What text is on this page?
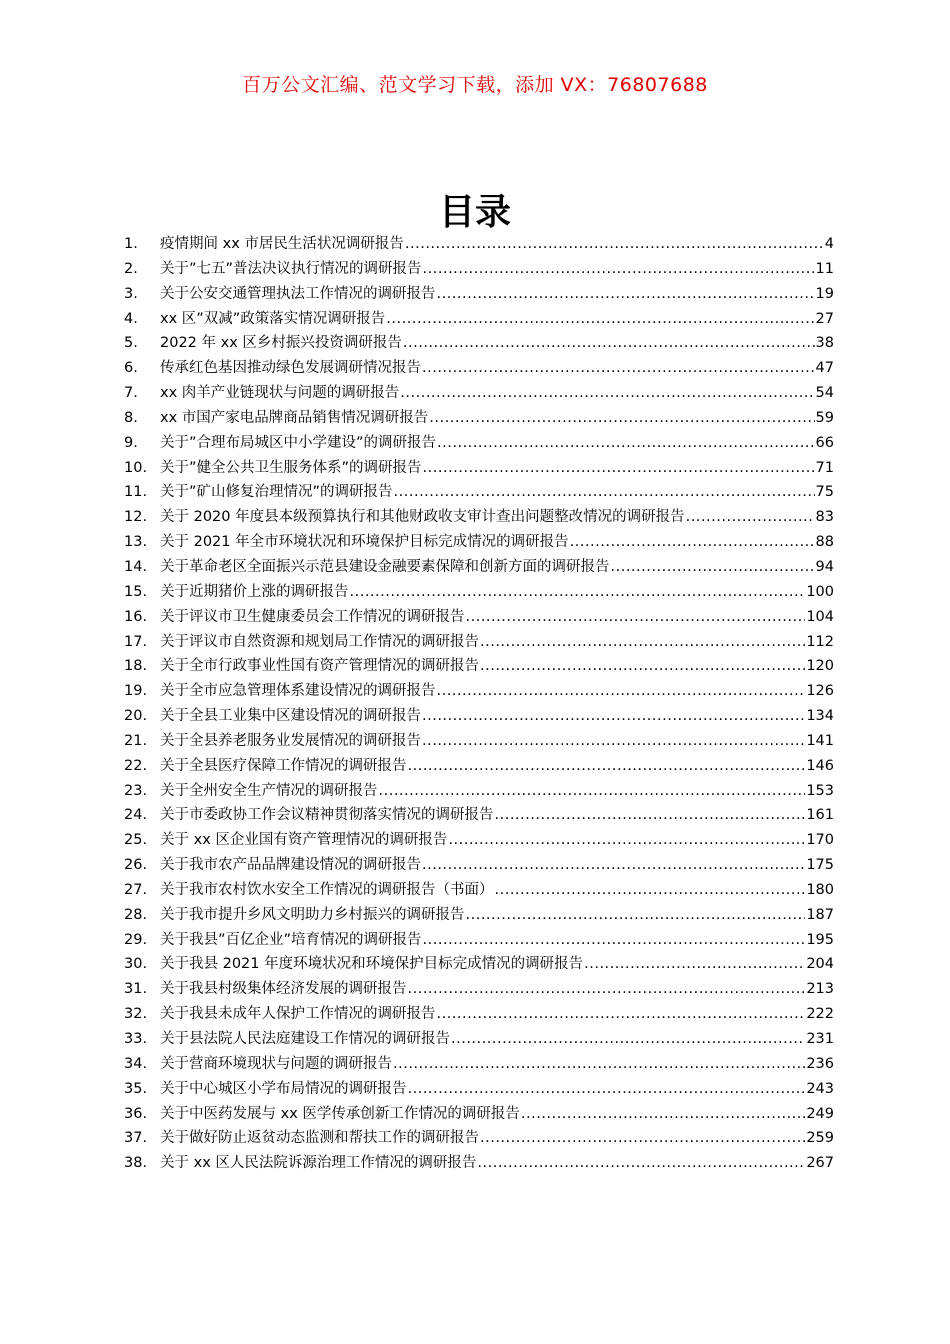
百万公文汇编、范文学习下载，添加 VX：76807688
目录
1.	疫情期间 xx 市居民生活状况调研报告 .....	4
2.	关于”七五”普法决议执行情况的调研报告 .....	11
3.	关于公安交通管理执法工作情况的调研报告 .....	19
4.	xx 区”双减”政策落实情况调研报告 .....	27
5.	2022 年 xx 区乡村振兴投资调研报告 .....	38
6.	传承红色基因推动绿色发展调研情况报告 .....	47
7.	xx 肉羊产业链现状与问题的调研报告 .....	54
8.	xx 市国产家电品牌商品销售情况调研报告 .....	59
9.	关于”合理布局城区中小学建设”的调研报告 .....	66
10. 关于”健全公共卫生服务体系”的调研报告 .....	71
11. 关于”矿山修复治理情况”的调研报告 .....	75
12. 关于 2020 年度县本级预算执行和其他财政收支审计查出问题整改情况的调研报告 .....	83
13. 关于 2021 年全市环境状况和环境保护目标完成情况的调研报告 .....	88
14. 关于革命老区全面振兴示范县建设金融要素保障和创新方面的调研报告 .....	94
15. 关于近期猪价上涨的调研报告 .....	100
16. 关于评议市卫生健康委员会工作情况的调研报告 .....	104
17. 关于评议市自然资源和规划局工作情况的调研报告 .....	112
18. 关于全市行政事业性国有资产管理情况的调研报告 .....	120
19. 关于全市应急管理体系建设情况的调研报告 .....	126
20. 关于全县工业集中区建设情况的调研报告 .....	134
21. 关于全县养老服务业发展情况的调研报告 .....	141
22. 关于全县医疗保障工作情况的调研报告 .....	146
23. 关于全州安全生产情况的调研报告 .....	153
24. 关于市委政协工作会议精神贯彻落实情况的调研报告 .....	161
25. 关于 xx 区企业国有资产管理情况的调研报告 .....	170
26. 关于我市农产品品牌建设情况的调研报告 .....	175
27. 关于我市农村饮水安全工作情况的调研报告（书面） .....	180
28. 关于我市提升乡风文明助力乡村振兴的调研报告 .....	187
29. 关于我县”百亿企业”培育情况的调研报告 .....	195
30. 关于我县 2021 年度环境状况和环境保护目标完成情况的调研报告 .....	204
31. 关于我县村级集体经济发展的调研报告 .....	213
32. 关于我县未成年人保护工作情况的调研报告 .....	222
33. 关于县法院人民法庭建设工作情况的调研报告 .....	231
34. 关于营商环境现状与问题的调研报告 .....	236
35. 关于中心城区小学布局情况的调研报告 .....	243
36. 关于中医药发展与 xx 医学传承创新工作情况的调研报告 .....	249
37. 关于做好防止返贫动态监测和帮扶工作的调研报告 .....	259
38. 关于 xx 区人民法院诉源治理工作情况的调研报告 .....	267
